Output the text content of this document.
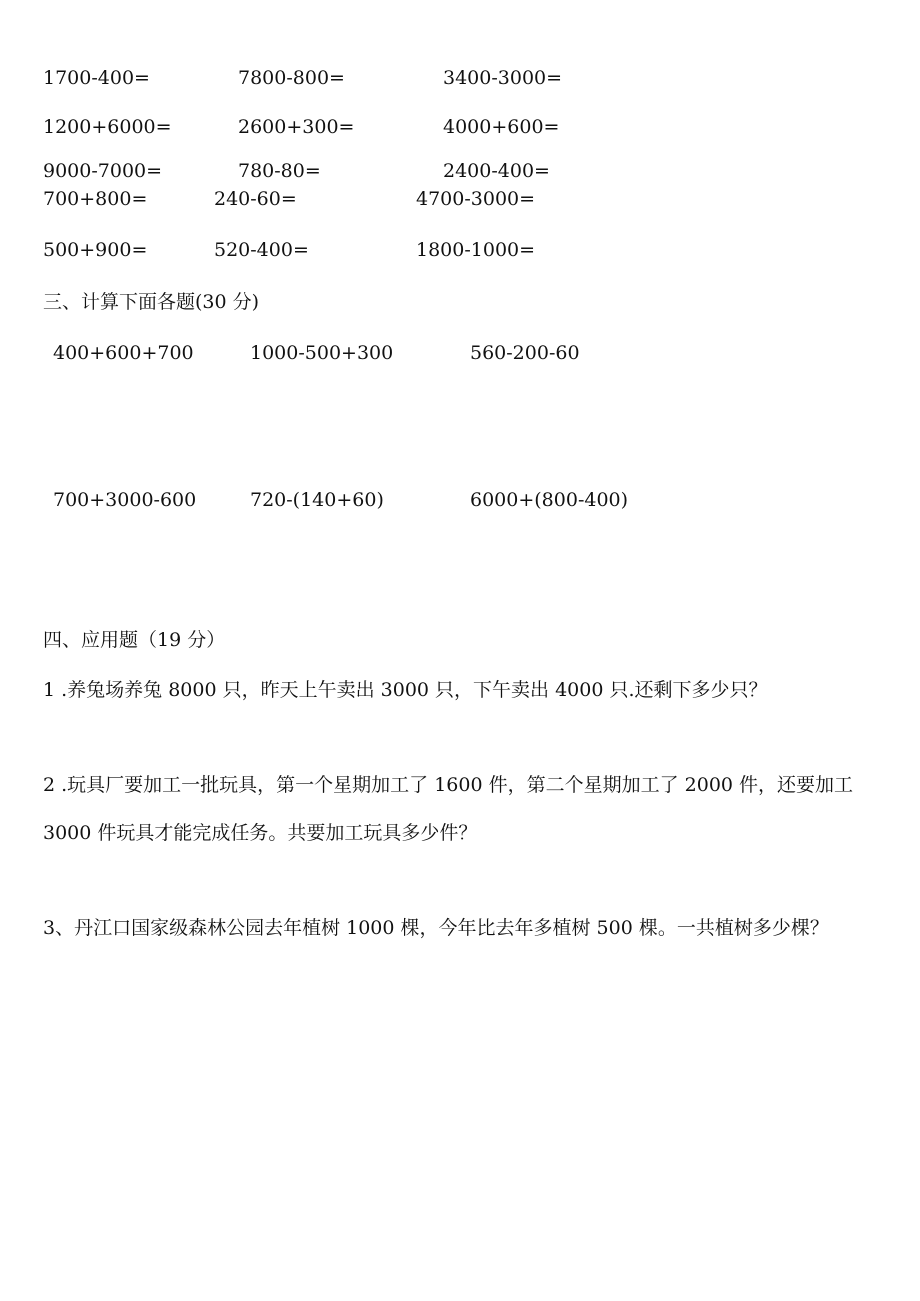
1700-400=	7800-800=	3400-3000=
1200+6000=	2600+300=	4000+600=
9000-7000=	780-80=	2400-400=
700+800=	240-60=	4700-3000=
500+900=	520-400=	1800-1000=
三、计算下面各题(30 分)
400+600+700	1000-500+300	560-200-60
700+3000-600	720-(140+60)	6000+(800-400)
四、应用题（19 分）
1 .养兔场养兔 8000 只，昨天上午卖出 3000 只，下午卖出 4000 只.还剩下多少只？
2 .玩具厂要加工一批玩具，第一个星期加工了 1600 件，第二个星期加工了 2000 件，还要加工 3000 件玩具才能完成任务。共要加工玩具多少件？
3、丹江口国家级森林公园去年植树 1000 棵，今年比去年多植树 500 棵。一共植树多少棵？
